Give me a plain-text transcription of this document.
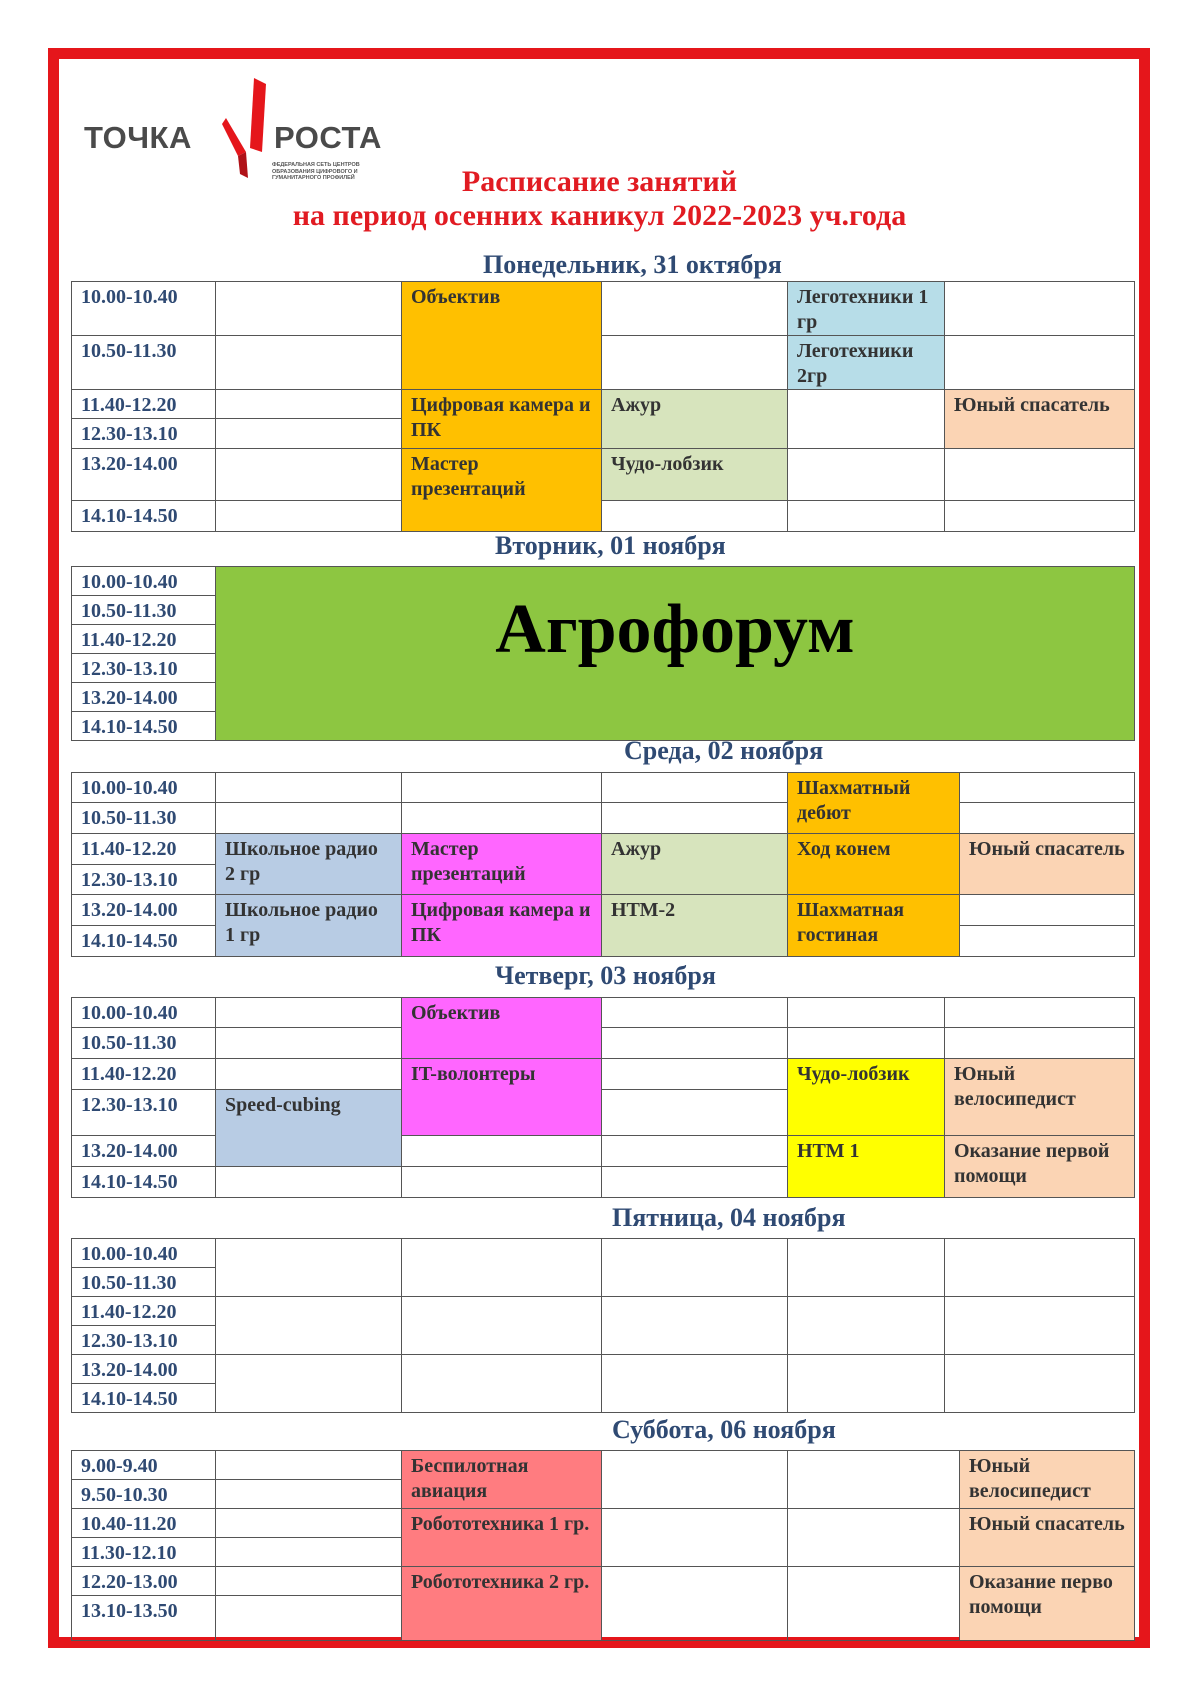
ТОЧКА	РОСТА
ФЕДЕРАЛЬНАЯ СЕТЬ ЦЕНТРОВ ОБРАЗОВАНИЯ ЦИФРОВОГО И ГУМАНИТАРНОГО ПРОФИЛЕЙ	Расписание занятий
на период осенних каникул 2022-2023 уч.года
Понедельник, 31 октября
10.00-10.40		Объектив		Леготехники 1 гр	
10.50-11.30				Леготехники 2гр	
11.40-12.20		Цифровая камера и ПК	Ажур		Юный спасатель
12.30-13.10					
13.20-14.00		Мастер презентаций	Чудо-лобзик		
14.10-14.50					
Вторник, 01 ноября
10.00-10.40	Агрофорум
10.50-11.30
11.40-12.20
12.30-13.10
13.20-14.00
14.10-14.50
Среда, 02 ноября
10.00-10.40				Шахматный дебют	
10.50-11.30					
11.40-12.20	Школьное радио 2 гр	Мастер презентаций	Ажур	Ход конем	Юный спасатель
12.30-13.10					
13.20-14.00	Школьное радио 1 гр	Цифровая камера и ПК	НТМ-2	Шахматная гостиная	
14.10-14.50					
Четверг, 03 ноября
10.00-10.40		Объектив			
10.50-11.30					
11.40-12.20		IT-волонтеры		Чудо-лобзик	Юный велосипедист
12.30-13.10	Speed-cubing				
13.20-14.00				НТМ 1	Оказание первой помощи
14.10-14.50					
Пятница, 04 ноября
10.00-10.40					
10.50-11.30					
11.40-12.20					
12.30-13.10					
13.20-14.00					
14.10-14.50					
Суббота, 06 ноября
9.00-9.40		Беспилотная авиация			Юный велосипедист
9.50-10.30					
10.40-11.20		Робототехника 1 гр.			Юный спасатель
11.30-12.10					
12.20-13.00		Робототехника 2 гр.			Оказание перво помощи
13.10-13.50					
